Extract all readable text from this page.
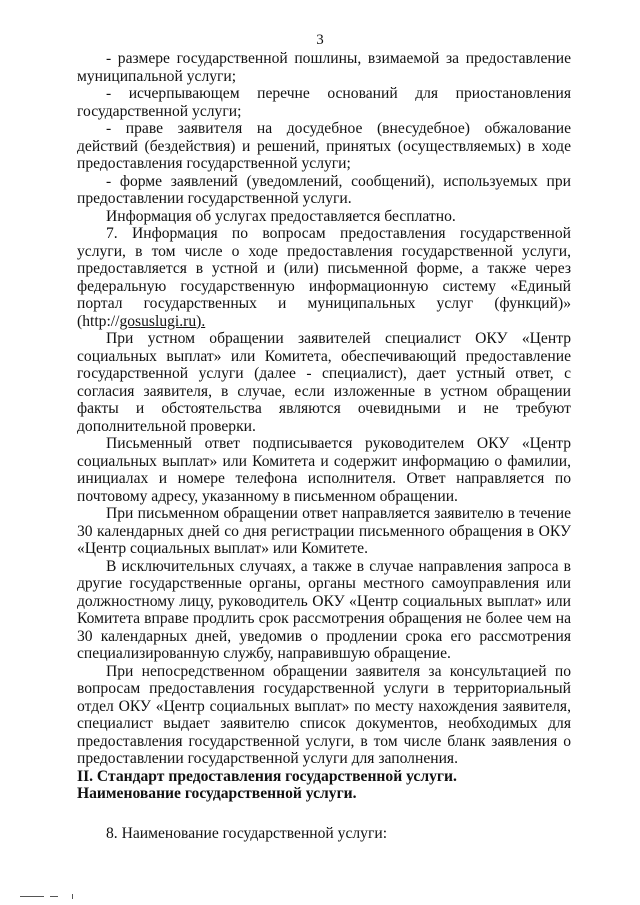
3

- размере государственной пошлины, взимаемой за предоставление муниципальной услуги;

- исчерпывающем перечне оснований для приостановления государственной услуги;

- праве заявителя на досудебное (внесудебное) обжалование действий (бездействия) и решений, принятых (осуществляемых) в ходе предоставления государственной услуги;

- форме заявлений (уведомлений, сообщений), используемых при предоставлении государственной услуги.

Информация об услугах предоставляется бесплатно.

7. Информация по вопросам предоставления государственной услуги, в том числе о ходе предоставления государственной услуги, предоставляется в устной и (или) письменной форме, а также через федеральную государственную информационную систему «Единый портал государственных и муниципальных услуг (функций)» (http://gosuslugi.ru).

При устном обращении заявителей специалист ОКУ «Центр социальных выплат» или Комитета, обеспечивающий предоставление государственной услуги (далее - специалист), дает устный ответ, с согласия заявителя, в случае, если изложенные в устном обращении факты и обстоятельства являются очевидными и не требуют дополнительной проверки.

Письменный ответ подписывается руководителем ОКУ «Центр социальных выплат» или Комитета и содержит информацию о фамилии, инициалах и номере телефона исполнителя. Ответ направляется по почтовому адресу, указанному в письменном обращении.

При письменном обращении ответ направляется заявителю в течение 30 календарных дней со дня регистрации письменного обращения в ОКУ «Центр социальных выплат» или Комитете.

В исключительных случаях, а также в случае направления запроса в другие государственные органы, органы местного самоуправления или должностному лицу, руководитель ОКУ «Центр социальных выплат» или Комитета вправе продлить срок рассмотрения обращения не более чем на 30 календарных дней, уведомив о продлении срока его рассмотрения специализированную службу, направившую обращение.

При непосредственном обращении заявителя за консультацией по вопросам предоставления государственной услуги в территориальный отдел ОКУ «Центр социальных выплат» по месту нахождения заявителя, специалист выдает заявителю список документов, необходимых для предоставления государственной услуги, в том числе бланк заявления о предоставлении государственной услуги для заполнения.

II. Стандарт предоставления государственной услуги.

Наименование государственной услуги.

8. Наименование государственной услуги:
